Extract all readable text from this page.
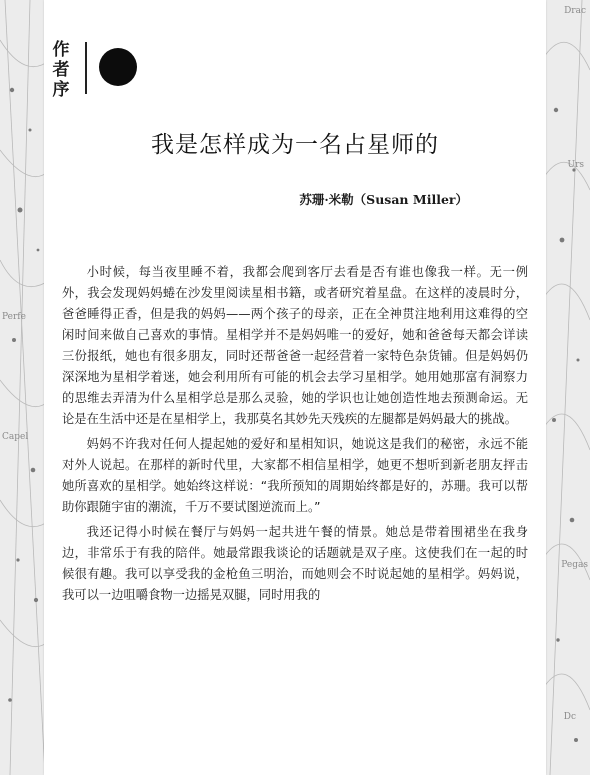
作者序
我是怎样成为一名占星师的
苏珊·米勒（Susan Miller）

小时候，每当夜里睡不着，我都会爬到客厅去看是否有谁也像我一样。无一例外，我会发现妈妈蜷在沙发里阅读星相书籍，或者研究着星盘。在这样的凌晨时分，爸爸睡得正香，但是我的妈妈——两个孩子的母亲，正在全神贯注地利用这难得的空闲时间来做自己喜欢的事情。星相学并不是妈妈唯一的爱好，她和爸爸每天都会详读三份报纸，她也有很多朋友，同时还帮爸爸一起经营着一家特色杂货铺。但是妈妈仍深深地为星相学着迷，她会利用所有可能的机会去学习星相学。她用她那富有洞察力的思维去弄清为什么星相学总是那么灵验，她的学识也让她创造性地去预测命运。无论是在生活中还是在星相学上，我那莫名其妙先天残疾的左腿都是妈妈最大的挑战。

妈妈不许我对任何人提起她的爱好和星相知识，她说这是我们的秘密，永远不能对外人说起。在那样的新时代里，大家都不相信星相学，她更不想听到新老朋友抨击她所喜欢的星相学。她始终这样说：“我所预知的周期始终都是好的，苏珊。我可以帮助你跟随宇宙的潮流，千万不要试图逆流而上。”

我还记得小时候在餐厅与妈妈一起共进午餐的情景。她总是带着围裙坐在我身边，非常乐于有我的陪伴。她最常跟我谈论的话题就是双子座。这使我们在一起的时候很有趣。我可以享受我的金枪鱼三明治，而她则会不时说起她的星相学。妈妈说，我可以一边咀嚼食物一边摇晃双腿，同时用我的

Drac
Urs
Pegas
Dc
Perfe
Capel
